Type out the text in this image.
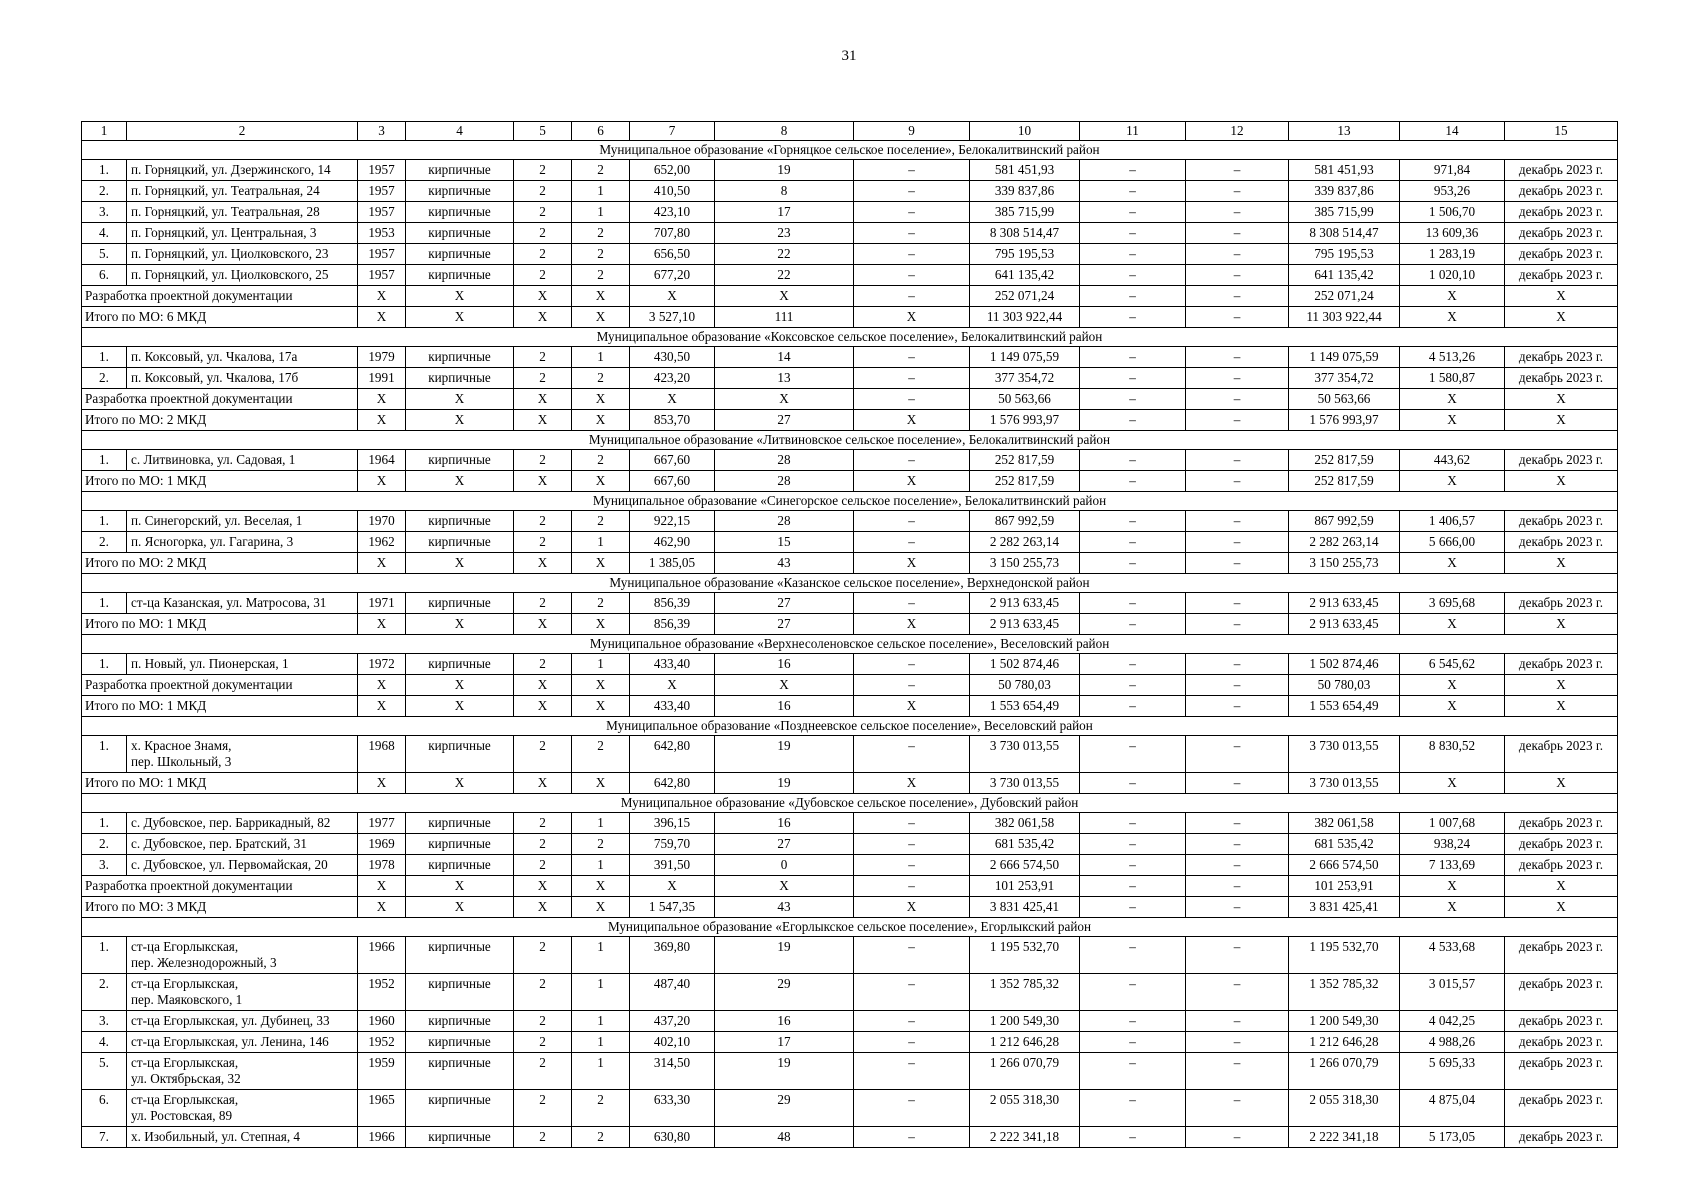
31
1	2	3	4	5	6	7	8	9	10	11	12	13	14	15
Муниципальное образование «Горняцкое сельское поселение», Белокалитвинский район														
1.	п. Горняцкий, ул. Дзержинского, 14	1957	кирпичные	2	2	652,00	19	–	581 451,93	–	–	581 451,93	971,84	декабрь 2023 г.
2.	п. Горняцкий, ул. Театральная, 24	1957	кирпичные	2	1	410,50	8	–	339 837,86	–	–	339 837,86	953,26	декабрь 2023 г.
3.	п. Горняцкий, ул. Театральная, 28	1957	кирпичные	2	1	423,10	17	–	385 715,99	–	–	385 715,99	1 506,70	декабрь 2023 г.
4.	п. Горняцкий, ул. Центральная, 3	1953	кирпичные	2	2	707,80	23	–	8 308 514,47	–	–	8 308 514,47	13 609,36	декабрь 2023 г.
5.	п. Горняцкий, ул. Циолковского, 23	1957	кирпичные	2	2	656,50	22	–	795 195,53	–	–	795 195,53	1 283,19	декабрь 2023 г.
6.	п. Горняцкий, ул. Циолковского, 25	1957	кирпичные	2	2	677,20	22	–	641 135,42	–	–	641 135,42	1 020,10	декабрь 2023 г.
Разработка проектной документации		X	X	X	X	X	X	–	252 071,24	–	–	252 071,24	X	X
Итого по МО: 6 МКД		X	X	X	X	3 527,10	111	X	11 303 922,44	–	–	11 303 922,44	X	X
Муниципальное образование «Коксовское сельское поселение», Белокалитвинский район														
1.	п. Коксовый, ул. Чкалова, 17а	1979	кирпичные	2	1	430,50	14	–	1 149 075,59	–	–	1 149 075,59	4 513,26	декабрь 2023 г.
2.	п. Коксовый, ул. Чкалова, 17б	1991	кирпичные	2	2	423,20	13	–	377 354,72	–	–	377 354,72	1 580,87	декабрь 2023 г.
Разработка проектной документации		X	X	X	X	X	X	–	50 563,66	–	–	50 563,66	X	X
Итого по МО: 2 МКД		X	X	X	X	853,70	27	X	1 576 993,97	–	–	1 576 993,97	X	X
Муниципальное образование «Литвиновское сельское поселение», Белокалитвинский район														
1.	с. Литвиновка, ул. Садовая, 1	1964	кирпичные	2	2	667,60	28	–	252 817,59	–	–	252 817,59	443,62	декабрь 2023 г.
Итого по МО: 1 МКД		X	X	X	X	667,60	28	X	252 817,59	–	–	252 817,59	X	X
Муниципальное образование «Синегорское сельское поселение», Белокалитвинский район														
1.	п. Синегорский, ул. Веселая, 1	1970	кирпичные	2	2	922,15	28	–	867 992,59	–	–	867 992,59	1 406,57	декабрь 2023 г.
2.	п. Ясногорка, ул. Гагарина, 3	1962	кирпичные	2	1	462,90	15	–	2 282 263,14	–	–	2 282 263,14	5 666,00	декабрь 2023 г.
Итого по МО: 2 МКД		X	X	X	X	1 385,05	43	X	3 150 255,73	–	–	3 150 255,73	X	X
Муниципальное образование «Казанское сельское поселение», Верхнедонской район														
1.	ст-ца Казанская, ул. Матросова, 31	1971	кирпичные	2	2	856,39	27	–	2 913 633,45	–	–	2 913 633,45	3 695,68	декабрь 2023 г.
Итого по МО: 1 МКД		X	X	X	X	856,39	27	X	2 913 633,45	–	–	2 913 633,45	X	X
Муниципальное образование «Верхнесоленовское сельское поселение», Веселовский район														
1.	п. Новый, ул. Пионерская, 1	1972	кирпичные	2	1	433,40	16	–	1 502 874,46	–	–	1 502 874,46	6 545,62	декабрь 2023 г.
Разработка проектной документации		X	X	X	X	X	X	–	50 780,03	–	–	50 780,03	X	X
Итого по МО: 1 МКД		X	X	X	X	433,40	16	X	1 553 654,49	–	–	1 553 654,49	X	X
Муниципальное образование «Позднеевское сельское поселение», Веселовский район														
1.	х. Красное Знамя,
пер. Школьный, 3	1968	кирпичные	2	2	642,80	19	–	3 730 013,55	–	–	3 730 013,55	8 830,52	декабрь 2023 г.
Итого по МО: 1 МКД		X	X	X	X	642,80	19	X	3 730 013,55	–	–	3 730 013,55	X	X
Муниципальное образование «Дубовское сельское поселение», Дубовский район														
1.	с. Дубовское, пер. Баррикадный, 82	1977	кирпичные	2	1	396,15	16	–	382 061,58	–	–	382 061,58	1 007,68	декабрь 2023 г.
2.	с. Дубовское, пер. Братский, 31	1969	кирпичные	2	2	759,70	27	–	681 535,42	–	–	681 535,42	938,24	декабрь 2023 г.
3.	с. Дубовское, ул. Первомайская, 20	1978	кирпичные	2	1	391,50	0	–	2 666 574,50	–	–	2 666 574,50	7 133,69	декабрь 2023 г.
Разработка проектной документации		X	X	X	X	X	X	–	101 253,91	–	–	101 253,91	X	X
Итого по МО: 3 МКД		X	X	X	X	1 547,35	43	X	3 831 425,41	–	–	3 831 425,41	X	X
Муниципальное образование «Егорлыкское сельское поселение», Егорлыкский район														
1.	ст-ца Егорлыкская,
пер. Железнодорожный, 3	1966	кирпичные	2	1	369,80	19	–	1 195 532,70	–	–	1 195 532,70	4 533,68	декабрь 2023 г.
2.	ст-ца Егорлыкская,
пер. Маяковского, 1	1952	кирпичные	2	1	487,40	29	–	1 352 785,32	–	–	1 352 785,32	3 015,57	декабрь 2023 г.
3.	ст-ца Егорлыкская, ул. Дубинец, 33	1960	кирпичные	2	1	437,20	16	–	1 200 549,30	–	–	1 200 549,30	4 042,25	декабрь 2023 г.
4.	ст-ца Егорлыкская, ул. Ленина, 146	1952	кирпичные	2	1	402,10	17	–	1 212 646,28	–	–	1 212 646,28	4 988,26	декабрь 2023 г.
5.	ст-ца Егорлыкская,
ул. Октябрьская, 32	1959	кирпичные	2	1	314,50	19	–	1 266 070,79	–	–	1 266 070,79	5 695,33	декабрь 2023 г.
6.	ст-ца Егорлыкская,
ул. Ростовская, 89	1965	кирпичные	2	2	633,30	29	–	2 055 318,30	–	–	2 055 318,30	4 875,04	декабрь 2023 г.
7.	х. Изобильный, ул. Степная, 4	1966	кирпичные	2	2	630,80	48	–	2 222 341,18	–	–	2 222 341,18	5 173,05	декабрь 2023 г.
